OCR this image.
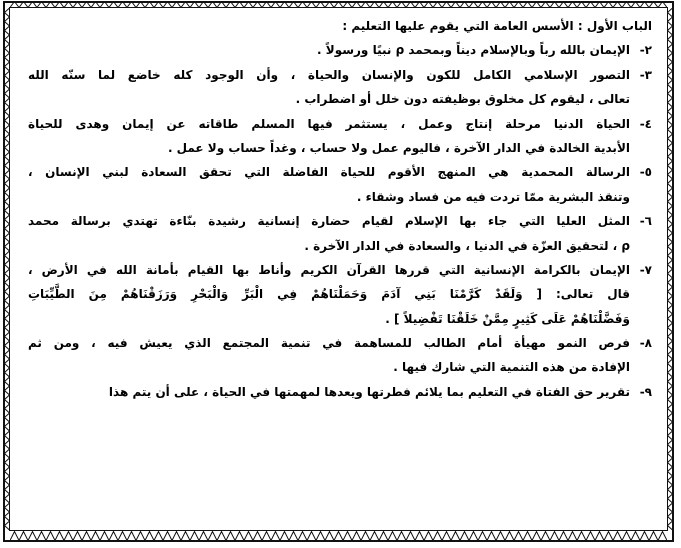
الباب الأول : الأسس العامة التي يقوم عليها التعليم :
٢-الإيمان بالله رباً وبالإسلام ديناً وبمحمد ρ نبيًا ورسولاً .
٣-التصور الإسلامي الكامل للكون والإنسان والحياة ، وأن الوجود كله خاضع لما سنّه الله
تعالى ، ليقوم كل مخلوق بوظيفته دون خلل أو اضطراب .
٤-الحياة الدنيا مرحلة إنتاج وعمل ، يستثمر فيها المسلم طاقاته عن إيمان وهدى للحياة
الأبدية الخالدة في الدار الآخرة ، فاليوم عمل ولا حساب ، وغداً حساب ولا عمل .
٥-الرسالة المحمدية هي المنهج الأقوم للحياة الفاضلة التي تحقق السعادة لبني الإنسان ،
وتنقذ البشرية ممّا تردت فيه من فساد وشقاء .
٦-المثل العليا التي جاء بها الإسلام لقيام حضارة إنسانية رشيدة بنّاءة تهتدي برسالة محمد
ρ ، لتحقيق العزّة في الدنيا ، والسعادة في الدار الآخرة .
٧-الإيمان بالكرامة الإنسانية التي قررها القرآن الكريم وأناط بها القيام بأمانة الله في الأرض ،
قال تعالى: [ وَلَقَدْ كَرَّمْنَا بَنِي آدَمَ وَحَمَلْنَاهُمْ فِي الْبَرِّ وَالْبَحْرِ وَرَزَقْنَاهُمْ مِنَ الطَّيِّبَاتِ
وَفَضَّلْنَاهُمْ عَلَى كَثِيرٍ مِمَّنْ خَلَقْنَا تَفْضِيلاً ] .
٨-فرص النمو مهيأة أمام الطالب للمساهمة في تنمية المجتمع الذي يعيش فيه ، ومن ثم
الإفادة من هذه التنمية التي شارك فيها .
٩-تقرير حق الفتاة في التعليم بما يلائم فطرتها ويعدها لمهمتها في الحياة ، على أن يتم هذا
